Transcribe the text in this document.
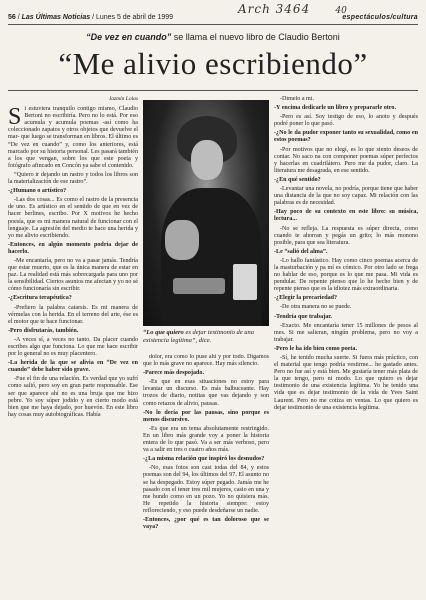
Arch 3464	40
56 / Las Últimas Noticias / Lunes 5 de abril de 1999	espectáculos/cultura
“De vez en cuando” se llama el nuevo libro de Claudio Bertoni
“Me alivio escribiendo”
Jazmín Lolas
Si estuviera tranquilo contigo mismo, Claudio Bertoni no escribiría. Pero no lo está. Por eso acumula y acumula poemas -así como ha coleccionado zapatos y otros objetos que devuelve el mar- que luego se transforman en libros. El último es “De vez en cuando” y, como los anteriores, está marcado por su historia personal. Les pasará también a los que vengan, sobre los que este poeta y fotógrafo afincado en Concón ya sabe el contenido.
“Quiero ir dejando un rastro y todos los libros son la materialización de ese rastro”.
-¿Humano o artístico?
-Las dos cosas... Es como el rastro de la presencia de uno. Es artístico en el sentido de que en vez de hacer berlines, escribo. Por X motivos he hecho poesía, que es mi manera natural de funcionar con el lenguaje. La agresión del medio te hace una herida y yo me alivio escribiendo.
-Entonces, en algún momento podría dejar de hacerlo.
-Me encantaría, pero no va a pasar jamás. Tendría que estar muerto, que es la única manera de estar en paz. La realidad está más sobrecargada para uno por la sensibilidad. Ciertos asuntos me afectan y yo no sé cómo funcionaría sin escribir.
-¿Escritura terapéutica?
-Prefiero la palabra catarsis. Es mi manera de vérmelas con la herida. En el terreno del arte, ése es el motor que te hace funcionar.
-Pero disfrutarás, también.
-A veces sí, a veces no tanto. Da placer cuando escribes algo que funciona. Lo que me hace escribir por lo general no es muy placentero.
-La herida de la que se alivia en “De vez en cuando” debe haber sido grave.
-Fue el fin de una relación. Es verdad que yo sufrí como salió, pero soy en gran parte responsable. Ese ser que aparece ahí no es una bruja que me hizo pebre. Yo soy súper jodido y en cierto modo está bien que me haya dejado, por huevón. En este libro hay cosas muy autobiográficas. Había
“Lo que quiero es dejar testimonio de una existencia legítima”, dice.
dolor, era como lo puse ahí y por todo. Digamos que lo más grave no aparece. Hay más silencio.
-Parece más despojado.
-Es que en esas situaciones no estoy para levantar un discurso. Es más balbuceante. Hay trozos de diario, notitas que vas dejando y son como retazos de alivio, pausas.
-No lo decía por las pausas, sino porque es menos discursivo.
-Es que era un tema absolutamente restringido. En un libro más grande voy a poner la historia entera de lo que pasó. Va a ser más verboso, pero va a salir en tres o cuatro años más.
-¿La misma relación que inspiró los desnudos?
-No, esas fotos son casi todas del 84, y estos poemas son del 94, los últimos del 97. El asunto no se ha despegado. Estoy súper pegado. Jamás me he pasado con el tener tres mil mujeres, casio en una y me hundo como en un pozo. Yo no quisiera más. He repetido la historia siempre: estoy refloreciendo, y eso puede desdeñarse un nadie.
-Entonces, ¿por qué es tan doloroso que se vaya?
-Dímelo a mí.
-Y encima dedicarle un libro y prepararle otro.
-Pero es así. Soy testigo de eso, lo anoto y después podré poner lo que pasó.
-¿No le da pudor exponer tanto su sexualidad, como en estos poemas?
-Por motivos que no elegí, es lo que siento deseos de contar. No saco na con componer poemas súper perfectos y hacerlas en cuadrilátero. Pero me da pudor, claro. La literatura me desagrada, en ese sentido.
-¿En qué sentido?
-Levantar una novela, no podría, porque tiene que haber una distancia de la que no soy capaz. Mi relación con las palabras es de necesidad.
-Hay poco de su contexto en este libro: su música, lectura...
-No se refleja. La respuesta es súper directa, como cuando te ahorran y pegás un grito; lo más monono posible, para que sea literatura.
-Le “salió del alma”.
-Lo hallo fantástico. Hay como cinco poemas acerca de la masturbación y pa mí es cómico. Por otro lado se frega no hablar de eso, porque es lo que me pasa. Mi vida es pendular. De repente pienso que lo he hecho bien y de repente pienso que es la idiotez más extraordinaria.
-¿Elegir la precariedad?
-De otra manera no se puede.
-Tendría que trabajar.
-Exacto. Me encantaría tener 15 millones de pesos al mes. Si me salieran, ningún problema, pero no voy a trabajar.
-Pero le ha ido bien como poeta.
-Sí, he tenido mucha suerte. Si fuera más práctico, con el material que tengo podría vestirme... he gastado antes. Pero no fue así y está bien. Me gustaría tener más plata de la que tengo, pero ni modo. Lo que quiero es dejar testimonio de una existencia legítima. Yo he tenido una vida que es dejar testimonio de la vida de Yves Saint Laurent. Pero no me cotiza en ventas. Lo que quiero es dejar testimonio de una existencia legítima.
